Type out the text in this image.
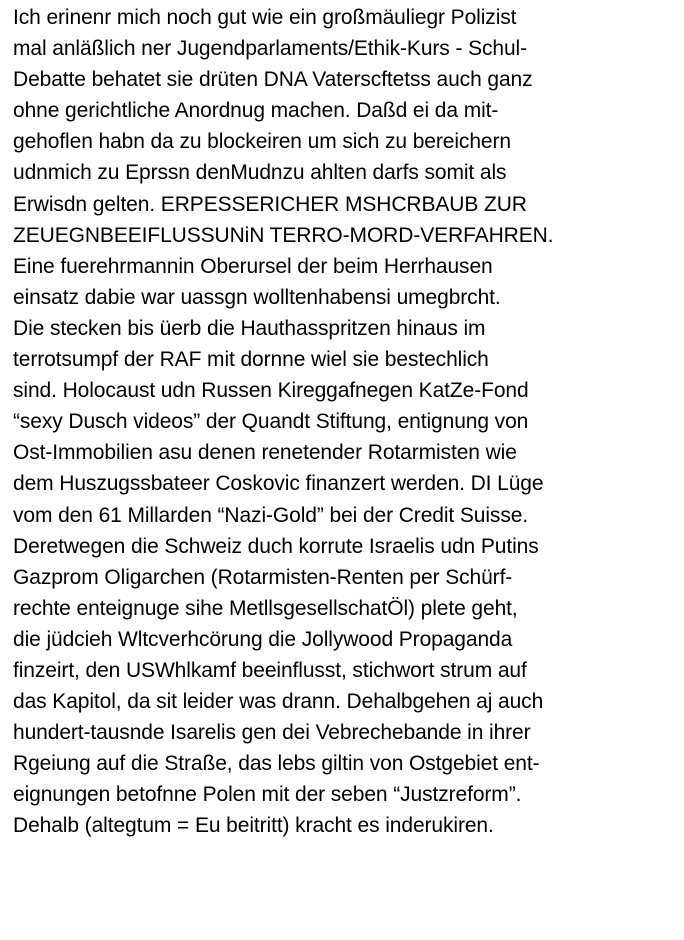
Ich erinenr mich noch gut wie ein großmäuliegr Polizist
mal anläßlich ner Jugendparlaments/Ethik-Kurs - Schul-
Debatte behatet sie drüten DNA Vaterscftetss auch ganz
ohne gerichtliche Anordnug machen. Daßd ei da mit-
gehoflen habn da zu blockeiren um sich zu bereichern
udnmich zu Eprssn denMudnzu ahlten darfs somit als
Erwisdn gelten. ERPESSERICHER MSHCRBAUB ZUR
ZEUEGNBEEIFLUSSUNiN TERRO-MORD-VERFAHREN.
Eine fuerehrmannin Oberursel der beim Herrhausen
einsatz dabie war uassgn wolltenhabensi umegbrcht.
Die stecken bis üerb die Hauthasspritzen hinaus im
terrotsumpf der RAF mit dornne wiel sie bestechlich
sind. Holocaust udn Russen Kireggafnegen KatZe-Fond
“sexy Dusch videos” der Quandt Stiftung, entignung von
Ost-Immobilien asu denen renetender Rotarmisten wie
dem Huszugssbateer Coskovic finanzert werden. DI Lüge
vom den 61 Millarden “Nazi-Gold” bei der Credit Suisse.
Deretwegen die Schweiz duch korrute Israelis udn Putins
Gazprom Oligarchen (Rotarmisten-Renten per Schürf-
rechte enteignuge sihe MetllsgesellschatÖl) plete geht,
die jüdcieh Wltcverhcörung die Jollywood Propaganda
finzeirt, den USWhlkamf beeinflusst, stichwort strum auf
das Kapitol, da sit leider was drann. Dehalbgehen aj auch
hundert-tausnde Isarelis gen dei Vebrechebande in ihrer
Rgeiung auf die Straße, das lebs giltin von Ostgebiet ent-
eignungen betofnne Polen mit der seben “Justzreform”.
Dehalb (altegtum = Eu beitritt) kracht es inderukiren.
